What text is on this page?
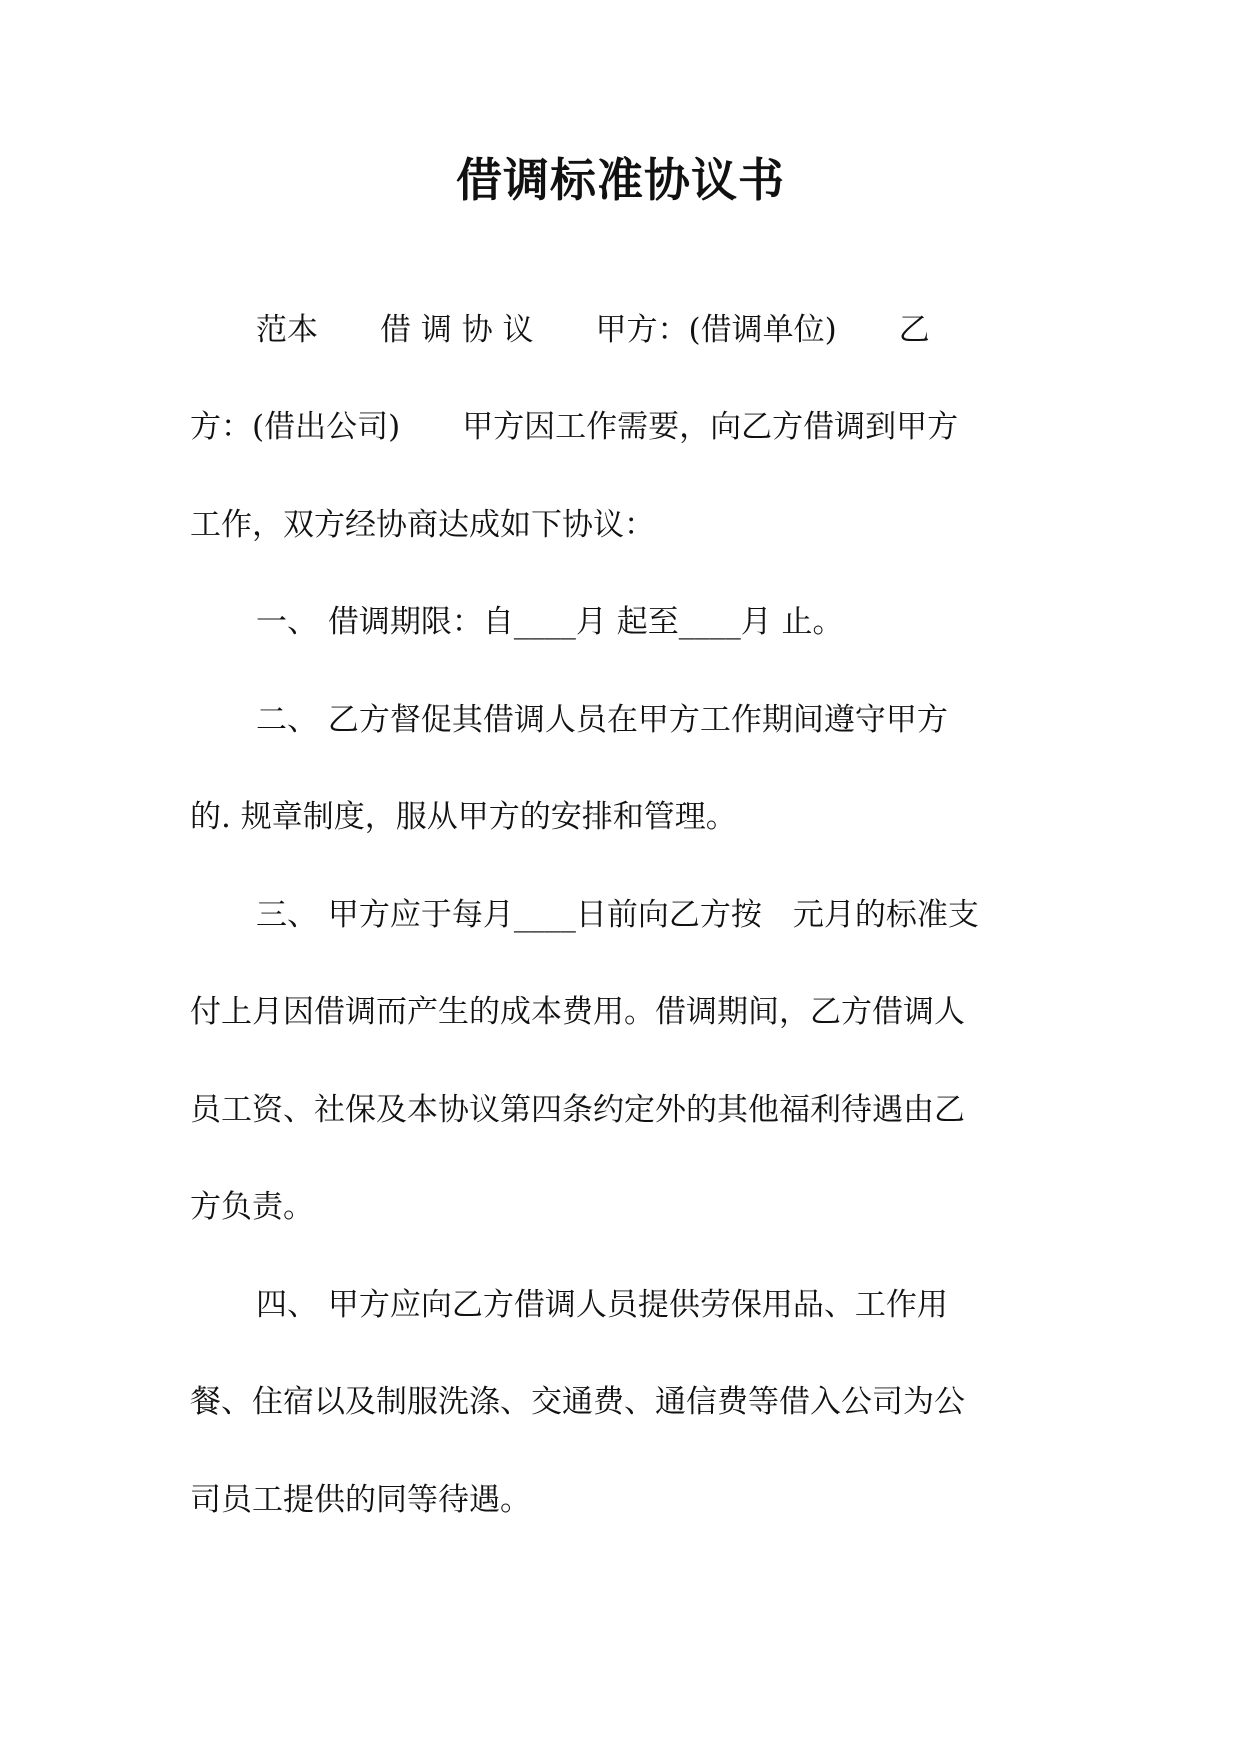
借调标准协议书
范本　　借 调 协 议　　甲方：(借调单位)　　乙
方：(借出公司)　　甲方因工作需要，向乙方借调到甲方
工作，双方经协商达成如下协议：
一、 借调期限：自____月 起至____月 止。
二、 乙方督促其借调人员在甲方工作期间遵守甲方
的. 规章制度，服从甲方的安排和管理。
三、 甲方应于每月____日前向乙方按　元月的标准支
付上月因借调而产生的成本费用。借调期间，乙方借调人
员工资、社保及本协议第四条约定外的其他福利待遇由乙
方负责。
四、 甲方应向乙方借调人员提供劳保用品、工作用
餐、住宿以及制服洗涤、交通费、通信费等借入公司为公
司员工提供的同等待遇。
